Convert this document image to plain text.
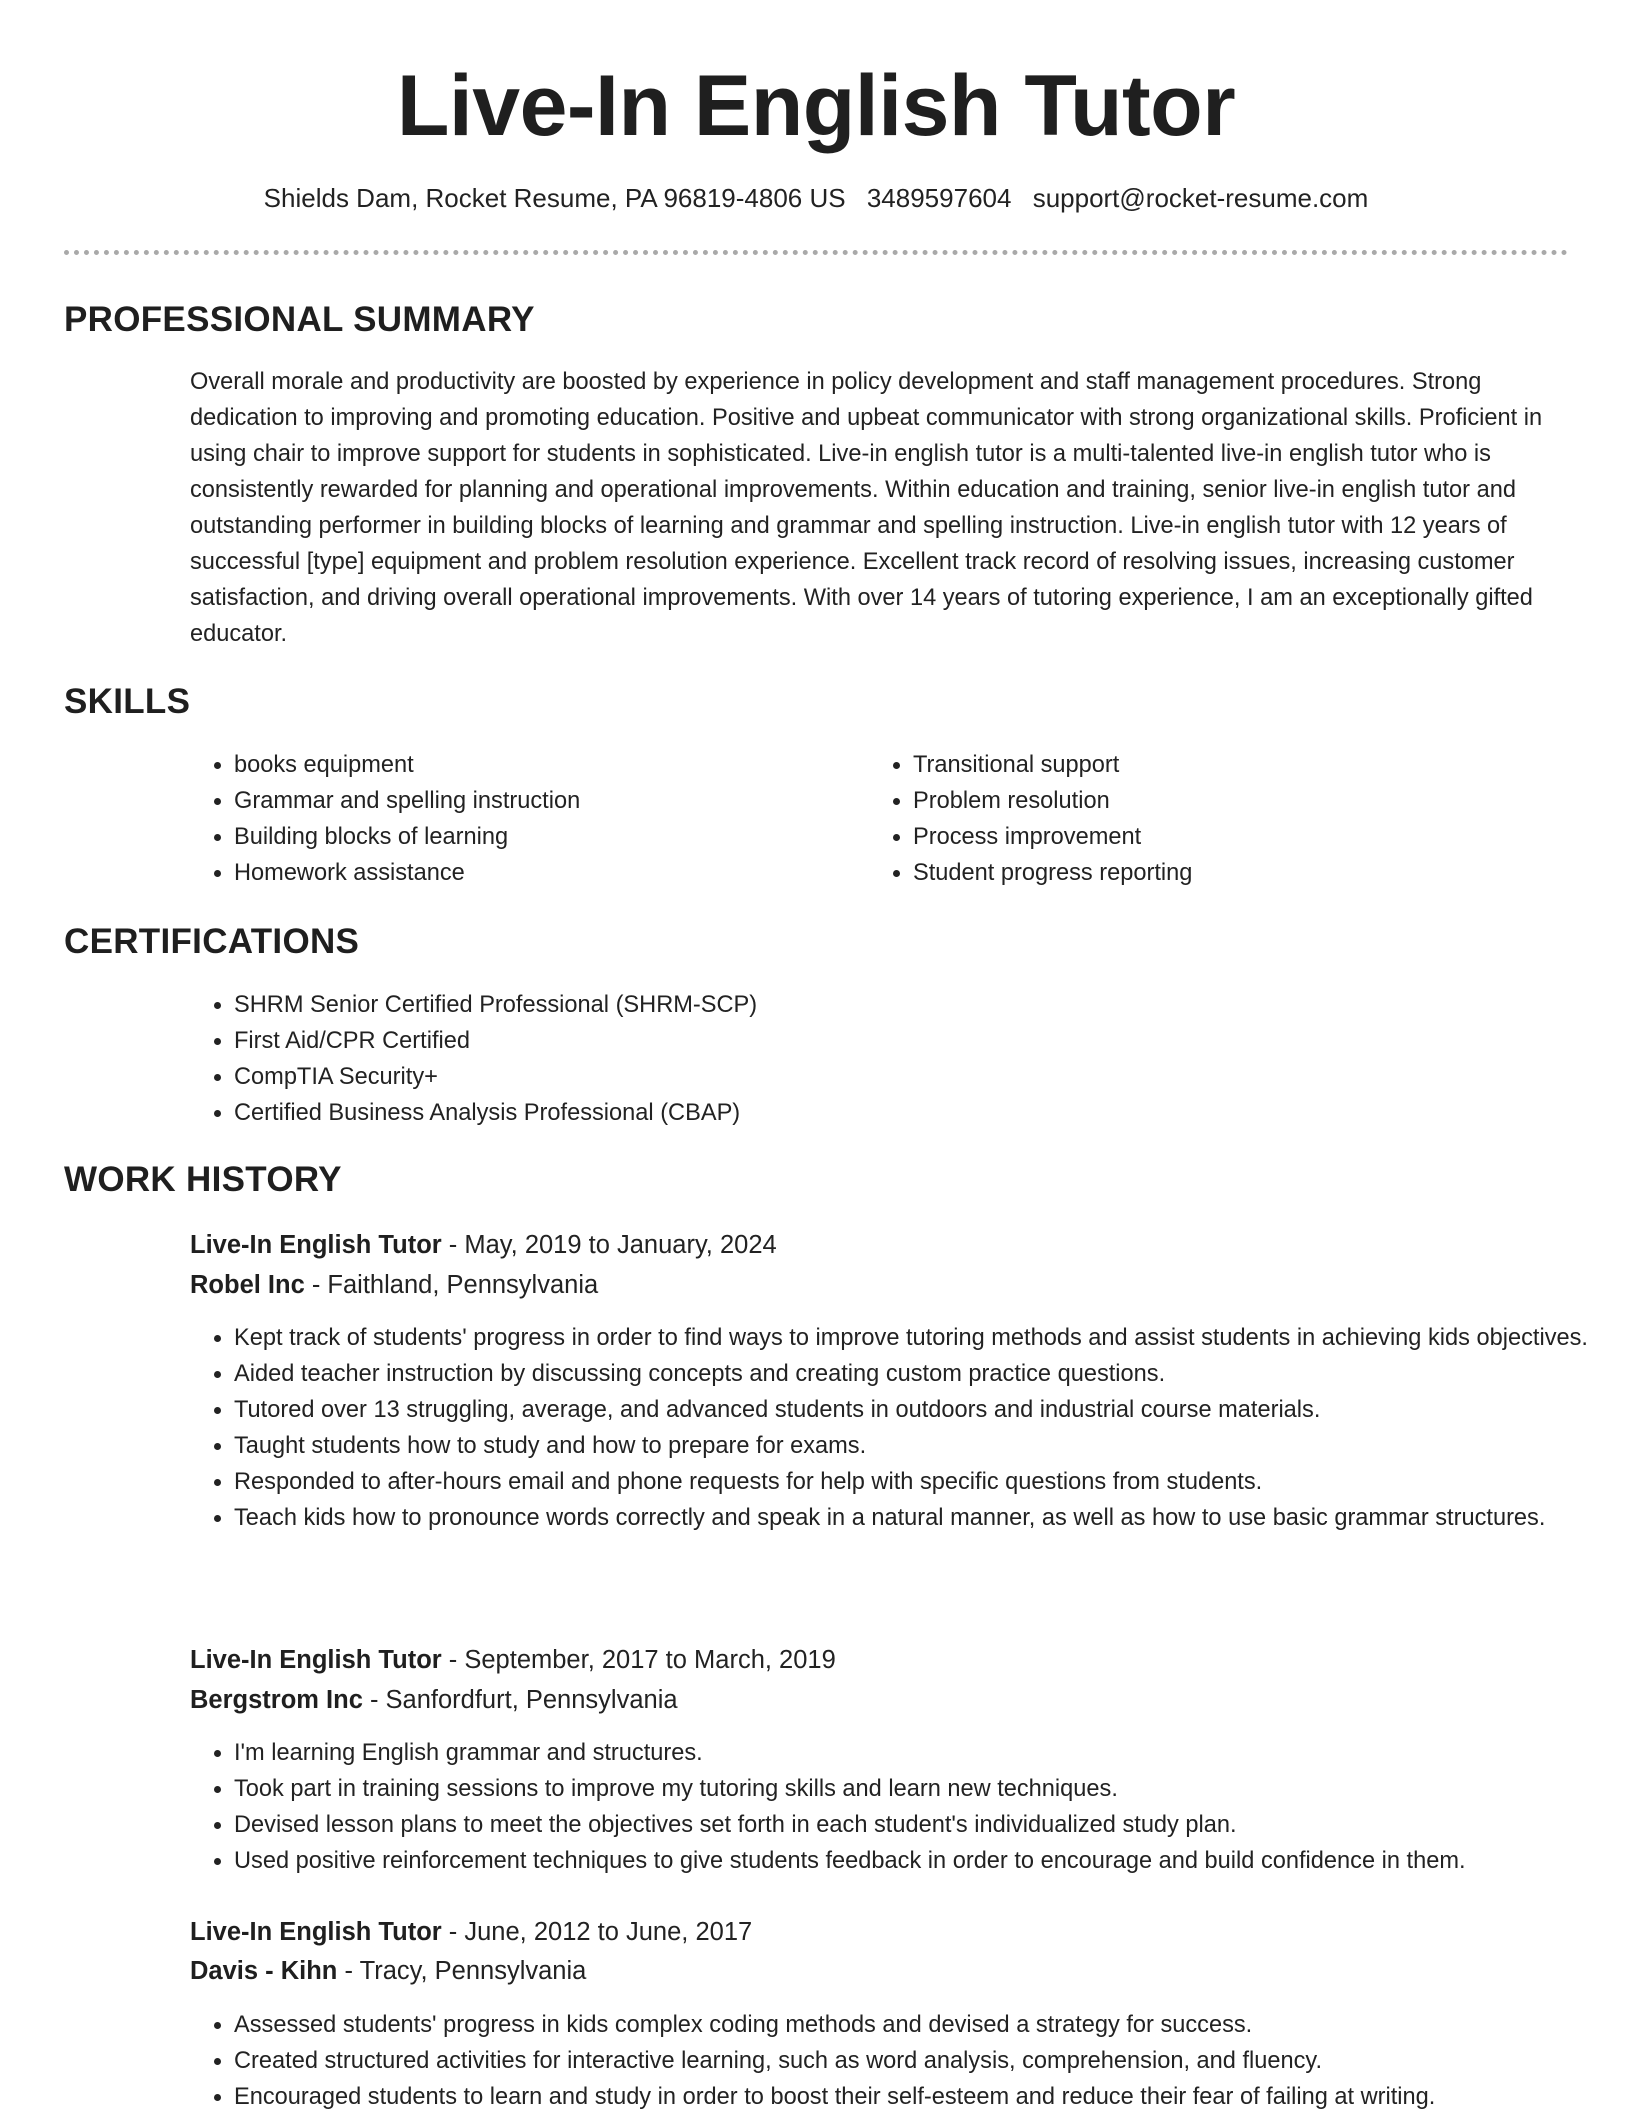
Live-In English Tutor
Shields Dam, Rocket Resume, PA 96819-4806 US 3489597604 support@rocket-resume.com
PROFESSIONAL SUMMARY
Overall morale and productivity are boosted by experience in policy development and staff management procedures. Strong dedication to improving and promoting education. Positive and upbeat communicator with strong organizational skills. Proficient in using chair to improve support for students in sophisticated. Live-in english tutor is a multi-talented live-in english tutor who is consistently rewarded for planning and operational improvements. Within education and training, senior live-in english tutor and outstanding performer in building blocks of learning and grammar and spelling instruction. Live-in english tutor with 12 years of successful [type] equipment and problem resolution experience. Excellent track record of resolving issues, increasing customer satisfaction, and driving overall operational improvements. With over 14 years of tutoring experience, I am an exceptionally gifted educator.
SKILLS
• books equipment
• Grammar and spelling instruction
• Building blocks of learning
• Homework assistance
• Transitional support
• Problem resolution
• Process improvement
• Student progress reporting
CERTIFICATIONS
• SHRM Senior Certified Professional (SHRM-SCP)
• First Aid/CPR Certified
• CompTIA Security+
• Certified Business Analysis Professional (CBAP)
WORK HISTORY
Live-In English Tutor - May, 2019 to January, 2024
Robel Inc - Faithland, Pennsylvania
• Kept track of students' progress in order to find ways to improve tutoring methods and assist students in achieving kids objectives.
• Aided teacher instruction by discussing concepts and creating custom practice questions.
• Tutored over 13 struggling, average, and advanced students in outdoors and industrial course materials.
• Taught students how to study and how to prepare for exams.
• Responded to after-hours email and phone requests for help with specific questions from students.
• Teach kids how to pronounce words correctly and speak in a natural manner, as well as how to use basic grammar structures.
Live-In English Tutor - September, 2017 to March, 2019
Bergstrom Inc - Sanfordfurt, Pennsylvania
• I'm learning English grammar and structures.
• Took part in training sessions to improve my tutoring skills and learn new techniques.
• Devised lesson plans to meet the objectives set forth in each student's individualized study plan.
• Used positive reinforcement techniques to give students feedback in order to encourage and build confidence in them.
Live-In English Tutor - June, 2012 to June, 2017
Davis - Kihn - Tracy, Pennsylvania
• Assessed students' progress in kids complex coding methods and devised a strategy for success.
• Created structured activities for interactive learning, such as word analysis, comprehension, and fluency.
• Encouraged students to learn and study in order to boost their self-esteem and reduce their fear of failing at writing.
